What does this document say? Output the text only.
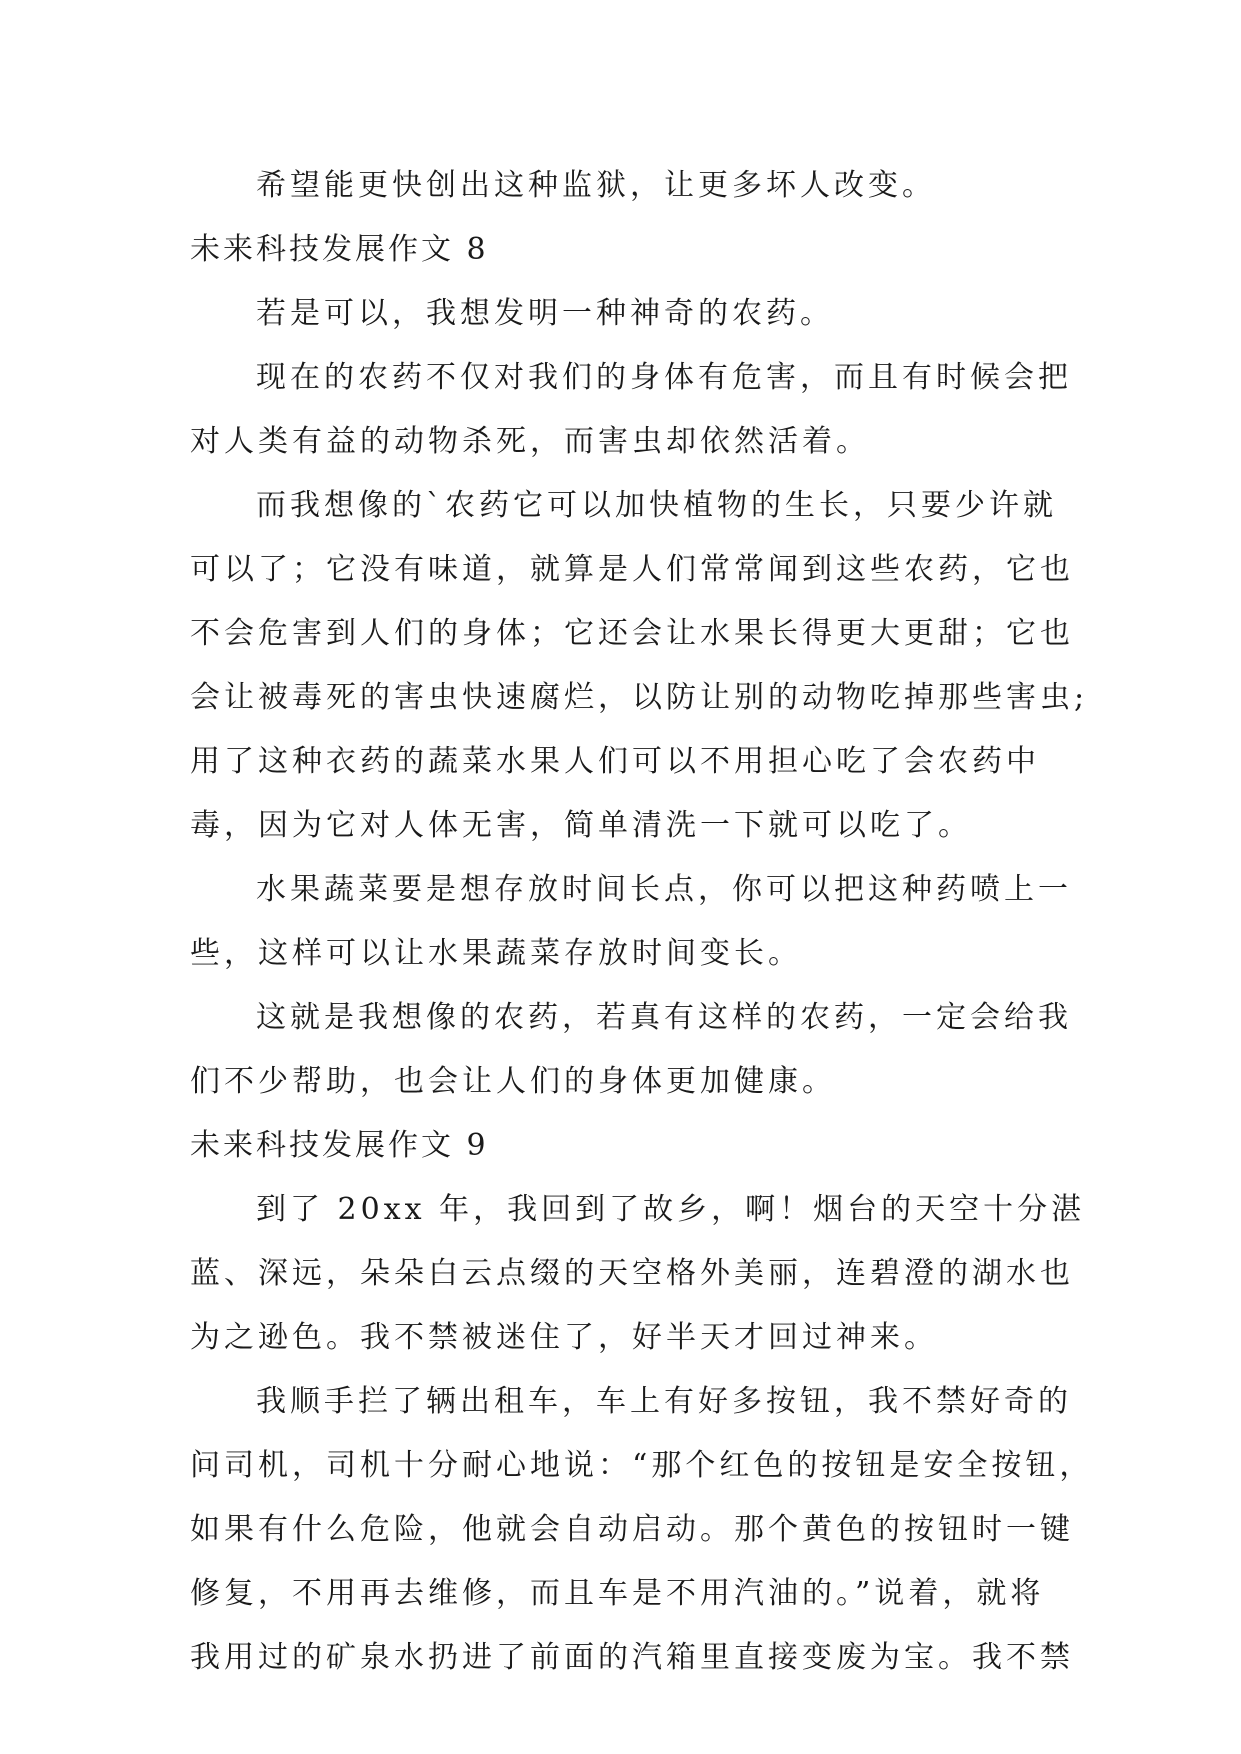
希望能更快创出这种监狱，让更多坏人改变。
未来科技发展作文 8
若是可以，我想发明一种神奇的农药。
现在的农药不仅对我们的身体有危害，而且有时候会把
对人类有益的动物杀死，而害虫却依然活着。
而我想像的`农药它可以加快植物的生长，只要少许就
可以了；它没有味道，就算是人们常常闻到这些农药，它也
不会危害到人们的身体；它还会让水果长得更大更甜；它也
会让被毒死的害虫快速腐烂，以防让别的动物吃掉那些害虫;
用了这种衣药的蔬菜水果人们可以不用担心吃了会农药中
毒，因为它对人体无害，简单清洗一下就可以吃了。
水果蔬菜要是想存放时间长点，你可以把这种药喷上一
些，这样可以让水果蔬菜存放时间变长。
这就是我想像的农药，若真有这样的农药，一定会给我
们不少帮助，也会让人们的身体更加健康。
未来科技发展作文 9
到了 20xx 年，我回到了故乡，啊！烟台的天空十分湛
蓝、深远，朵朵白云点缀的天空格外美丽，连碧澄的湖水也
为之逊色。我不禁被迷住了，好半天才回过神来。
我顺手拦了辆出租车，车上有好多按钮，我不禁好奇的
问司机，司机十分耐心地说：“那个红色的按钮是安全按钮，
如果有什么危险，他就会自动启动。那个黄色的按钮时一键
修复，不用再去维修，而且车是不用汽油的。”说着，就将
我用过的矿泉水扔进了前面的汽箱里直接变废为宝。我不禁
